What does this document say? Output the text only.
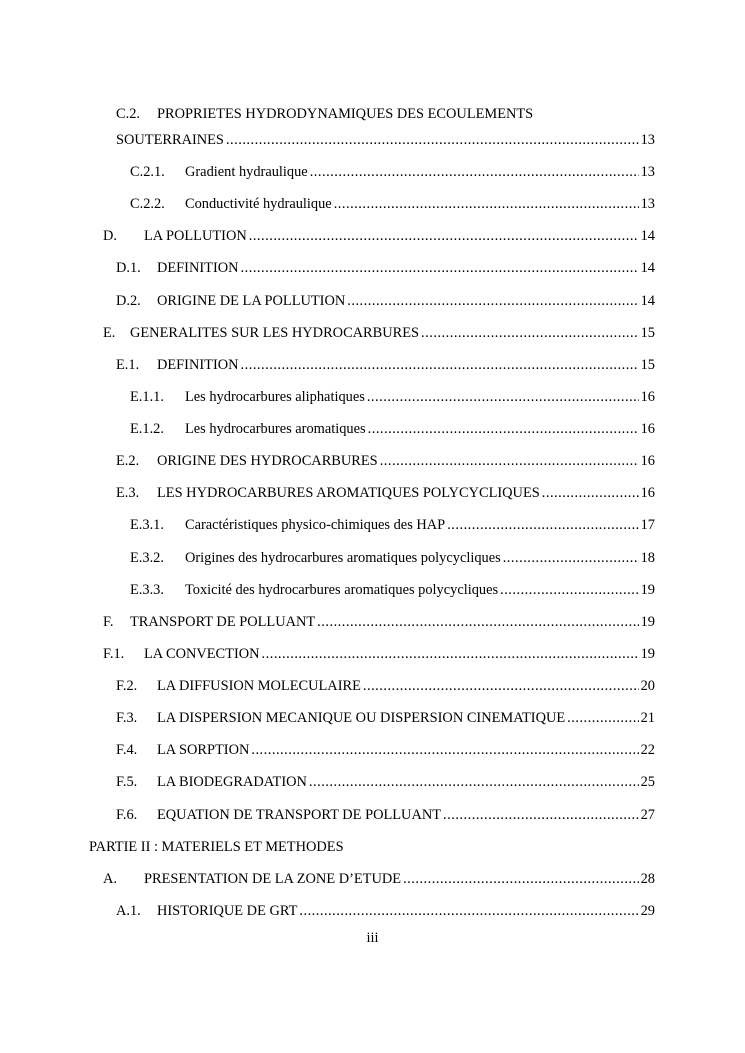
C.2. PROPRIETES HYDRODYNAMIQUES DES ECOULEMENTS
SOUTERRAINES .....	13
C.2.1.	Gradient hydraulique .....	13
C.2.2.	Conductivité hydraulique .....	13
D.	LA POLLUTION .....	14
D.1.	DEFINITION .....	14
D.2.	ORIGINE DE LA POLLUTION .....	14
E.	GENERALITES SUR LES HYDROCARBURES .....	15
E.1.	DEFINITION .....	15
E.1.1.	Les hydrocarbures aliphatiques .....	16
E.1.2.	Les hydrocarbures aromatiques .....	16
E.2.	ORIGINE DES HYDROCARBURES .....	16
E.3.	LES HYDROCARBURES AROMATIQUES POLYCYCLIQUES .....	16
E.3.1.	Caractéristiques physico-chimiques des HAP .....	17
E.3.2.	Origines des hydrocarbures aromatiques polycycliques .....	18
E.3.3.	Toxicité des hydrocarbures aromatiques polycycliques .....	19
F.	TRANSPORT DE POLLUANT .....	19
F.1.	LA CONVECTION .....	19
F.2.	LA DIFFUSION MOLECULAIRE .....	20
F.3.	LA DISPERSION MECANIQUE OU DISPERSION CINEMATIQUE .....	21
F.4.	LA SORPTION .....	22
F.5.	LA BIODEGRADATION .....	25
F.6.	EQUATION DE TRANSPORT DE POLLUANT .....	27
PARTIE II : MATERIELS ET METHODES
A.	PRESENTATION DE LA ZONE D’ETUDE .....	28
A.1.	HISTORIQUE DE GRT .....	29
iii
